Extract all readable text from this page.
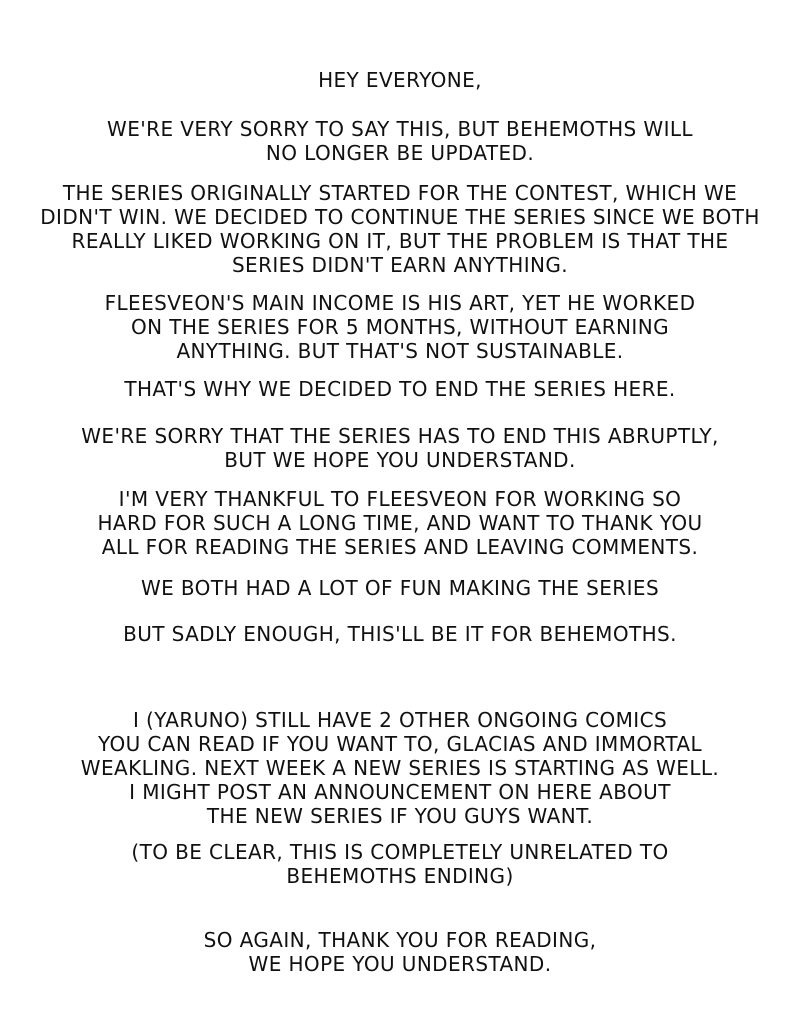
HEY EVERYONE,

WE'RE VERY SORRY TO SAY THIS, BUT BEHEMOTHS WILL
NO LONGER BE UPDATED.

THE SERIES ORIGINALLY STARTED FOR THE CONTEST, WHICH WE
DIDN'T WIN. WE DECIDED TO CONTINUE THE SERIES SINCE WE BOTH
REALLY LIKED WORKING ON IT, BUT THE PROBLEM IS THAT THE
SERIES DIDN'T EARN ANYTHING.

FLEESVEON'S MAIN INCOME IS HIS ART, YET HE WORKED
ON THE SERIES FOR 5 MONTHS, WITHOUT EARNING
ANYTHING. BUT THAT'S NOT SUSTAINABLE.

THAT'S WHY WE DECIDED TO END THE SERIES HERE.

WE'RE SORRY THAT THE SERIES HAS TO END THIS ABRUPTLY,
BUT WE HOPE YOU UNDERSTAND.

I'M VERY THANKFUL TO FLEESVEON FOR WORKING SO
HARD FOR SUCH A LONG TIME, AND WANT TO THANK YOU
ALL FOR READING THE SERIES AND LEAVING COMMENTS.

WE BOTH HAD A LOT OF FUN MAKING THE SERIES

BUT SADLY ENOUGH, THIS'LL BE IT FOR BEHEMOTHS.

I (YARUNO) STILL HAVE 2 OTHER ONGOING COMICS
YOU CAN READ IF YOU WANT TO, GLACIAS AND IMMORTAL
WEAKLING. NEXT WEEK A NEW SERIES IS STARTING AS WELL.
I MIGHT POST AN ANNOUNCEMENT ON HERE ABOUT
THE NEW SERIES IF YOU GUYS WANT.

(TO BE CLEAR, THIS IS COMPLETELY UNRELATED TO
BEHEMOTHS ENDING)

SO AGAIN, THANK YOU FOR READING,
WE HOPE YOU UNDERSTAND.
